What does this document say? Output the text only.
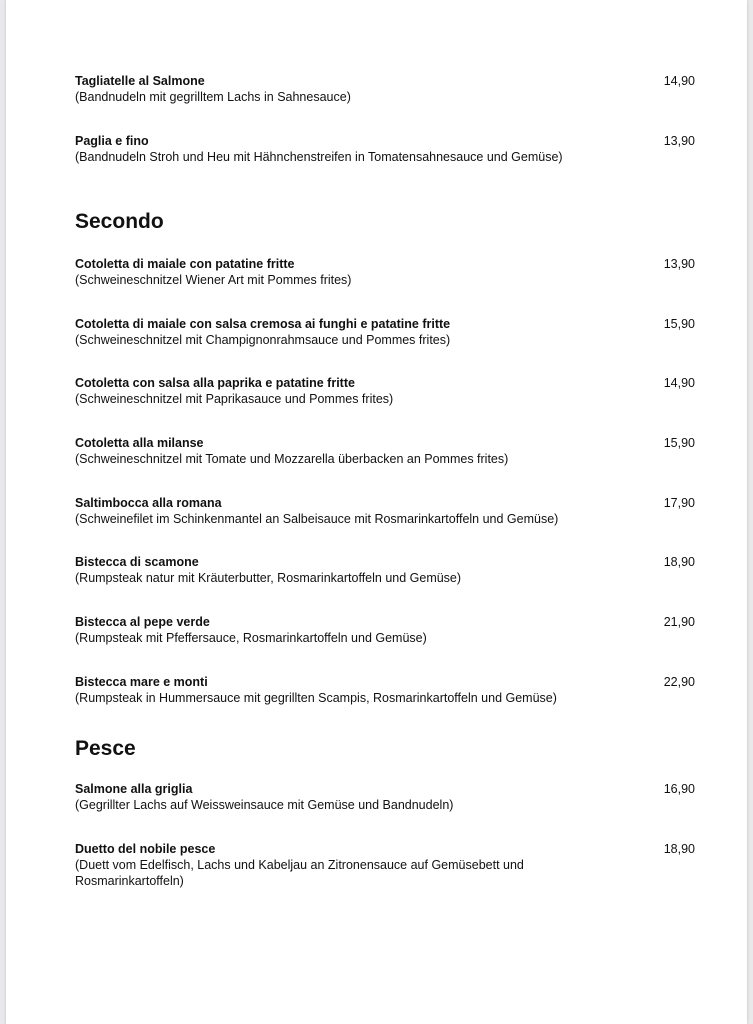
Tagliatelle al Salmone
(Bandnudeln mit gegrilltem Lachs in Sahnesauce)
14,90
Paglia e fino
(Bandnudeln Stroh und Heu mit Hähnchenstreifen in Tomatensahnesauce und Gemüse)
13,90
Secondo
Cotoletta di maiale con patatine fritte
(Schweineschnitzel Wiener Art mit Pommes frites)
13,90
Cotoletta di maiale con salsa cremosa ai funghi e patatine fritte
(Schweineschnitzel mit Champignonrahmsauce und Pommes frites)
15,90
Cotoletta con salsa alla paprika e patatine fritte
(Schweineschnitzel mit Paprikasauce und Pommes frites)
14,90
Cotoletta alla milanse
(Schweineschnitzel mit Tomate und Mozzarella überbacken an Pommes frites)
15,90
Saltimbocca alla romana
(Schweinefilet im Schinkenmantel an Salbeisauce mit Rosmarinkartoffeln und Gemüse)
17,90
Bistecca di scamone
(Rumpsteak natur mit Kräuterbutter, Rosmarinkartoffeln und Gemüse)
18,90
Bistecca al pepe verde
(Rumpsteak mit Pfeffersauce, Rosmarinkartoffeln und Gemüse)
21,90
Bistecca mare e monti
(Rumpsteak in Hummersauce mit gegrillten Scampis, Rosmarinkartoffeln und Gemüse)
22,90
Pesce
Salmone alla griglia
(Gegrillter Lachs auf Weissweinsauce mit Gemüse und Bandnudeln)
16,90
Duetto del nobile pesce
(Duett vom Edelfisch, Lachs und Kabeljau an Zitronensauce auf Gemüsebett und Rosmarinkartoffeln)
18,90
